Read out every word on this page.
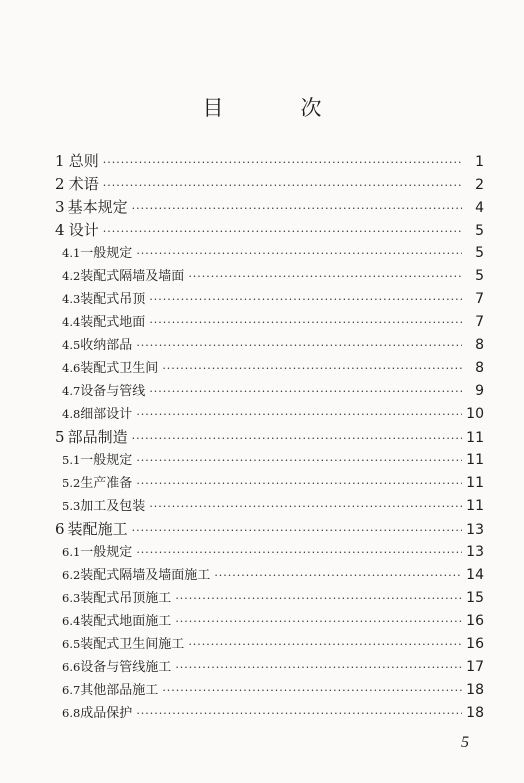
目　次
1 总则 ·····	1
2 术语 ·····	2
3 基本规定 ·····	4
4 设计 ·····	5
4.1 一般规定 ·····	5
4.2 装配式隔墙及墙面 ·····	5
4.3 装配式吊顶 ·····	7
4.4 装配式地面 ·····	7
4.5 收纳部品 ·····	8
4.6 装配式卫生间 ·····	8
4.7 设备与管线 ·····	9
4.8 细部设计 ·····	10
5 部品制造 ·····	11
5.1 一般规定 ·····	11
5.2 生产准备 ·····	11
5.3 加工及包装 ·····	11
6 装配施工 ·····	13
6.1 一般规定 ·····	13
6.2 装配式隔墙及墙面施工 ·····	14
6.3 装配式吊顶施工 ·····	15
6.4 装配式地面施工 ·····	16
6.5 装配式卫生间施工 ·····	16
6.6 设备与管线施工 ·····	17
6.7 其他部品施工 ·····	18
6.8 成品保护 ·····	18
5
